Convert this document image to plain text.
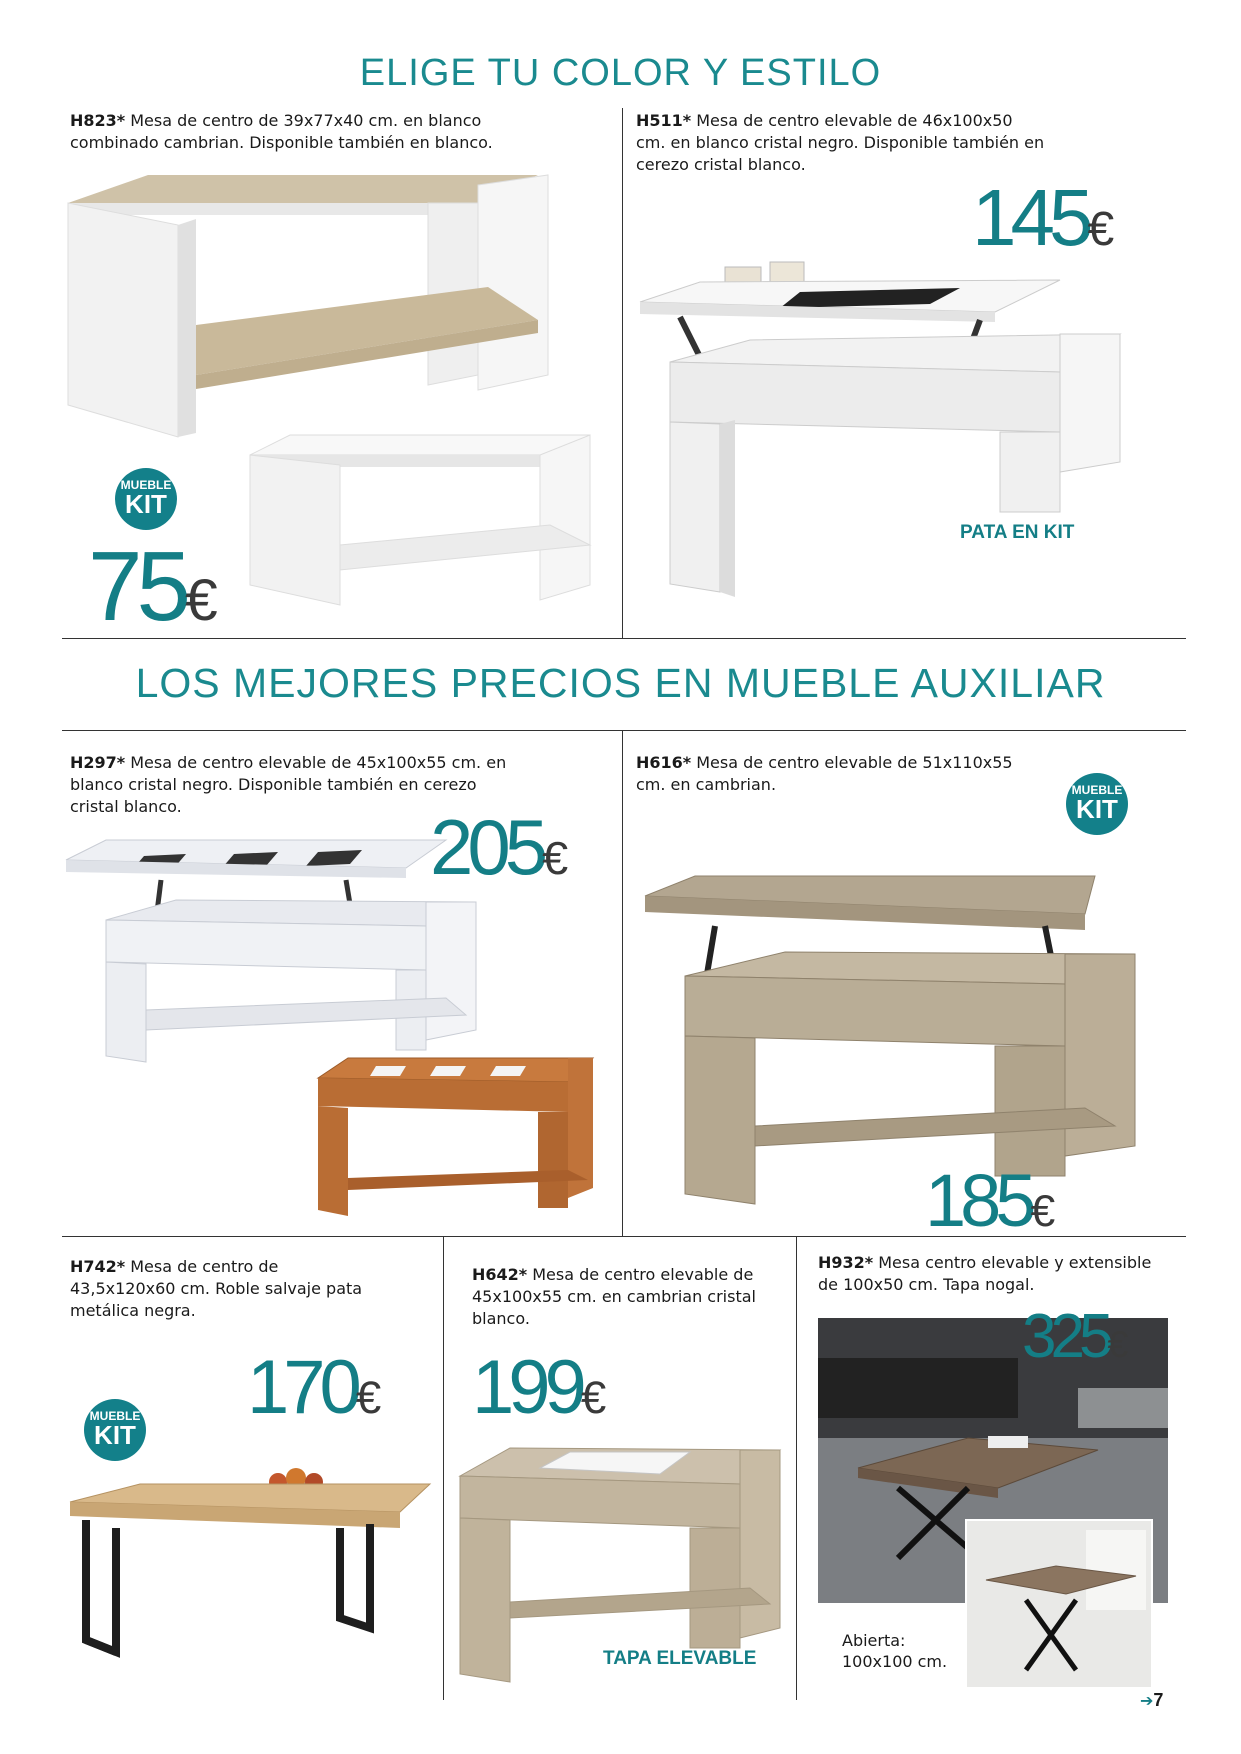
ELIGE TU COLOR Y ESTILO
LOS MEJORES PRECIOS EN MUEBLE AUXILIAR
H823* Mesa de centro de 39x77x40 cm. en blanco combinado cambrian. Disponible también en blanco.
MUEBLE
KIT
75€
H511* Mesa de centro elevable de 46x100x50 cm. en blanco cristal negro. Disponible también en cerezo cristal blanco.
145€
PATA EN KIT
H297* Mesa de centro elevable de 45x100x55 cm. en blanco cristal negro. Disponible también en cerezo cristal blanco.	205€
H616* Mesa de centro elevable de 51x110x55 cm. en cambrian.	MUEBLE
KIT
185€
H742* Mesa de centro de 43,5x120x60 cm. Roble salvaje pata metálica negra.
170€
MUEBLE
KIT
H642* Mesa de centro elevable de 45x100x55 cm. en cambrian cristal blanco.
199€
TAPA ELEVABLE
H932* Mesa centro elevable y extensible de 100x50 cm. Tapa nogal.
325€
Abierta:
100x100 cm.
➔7
